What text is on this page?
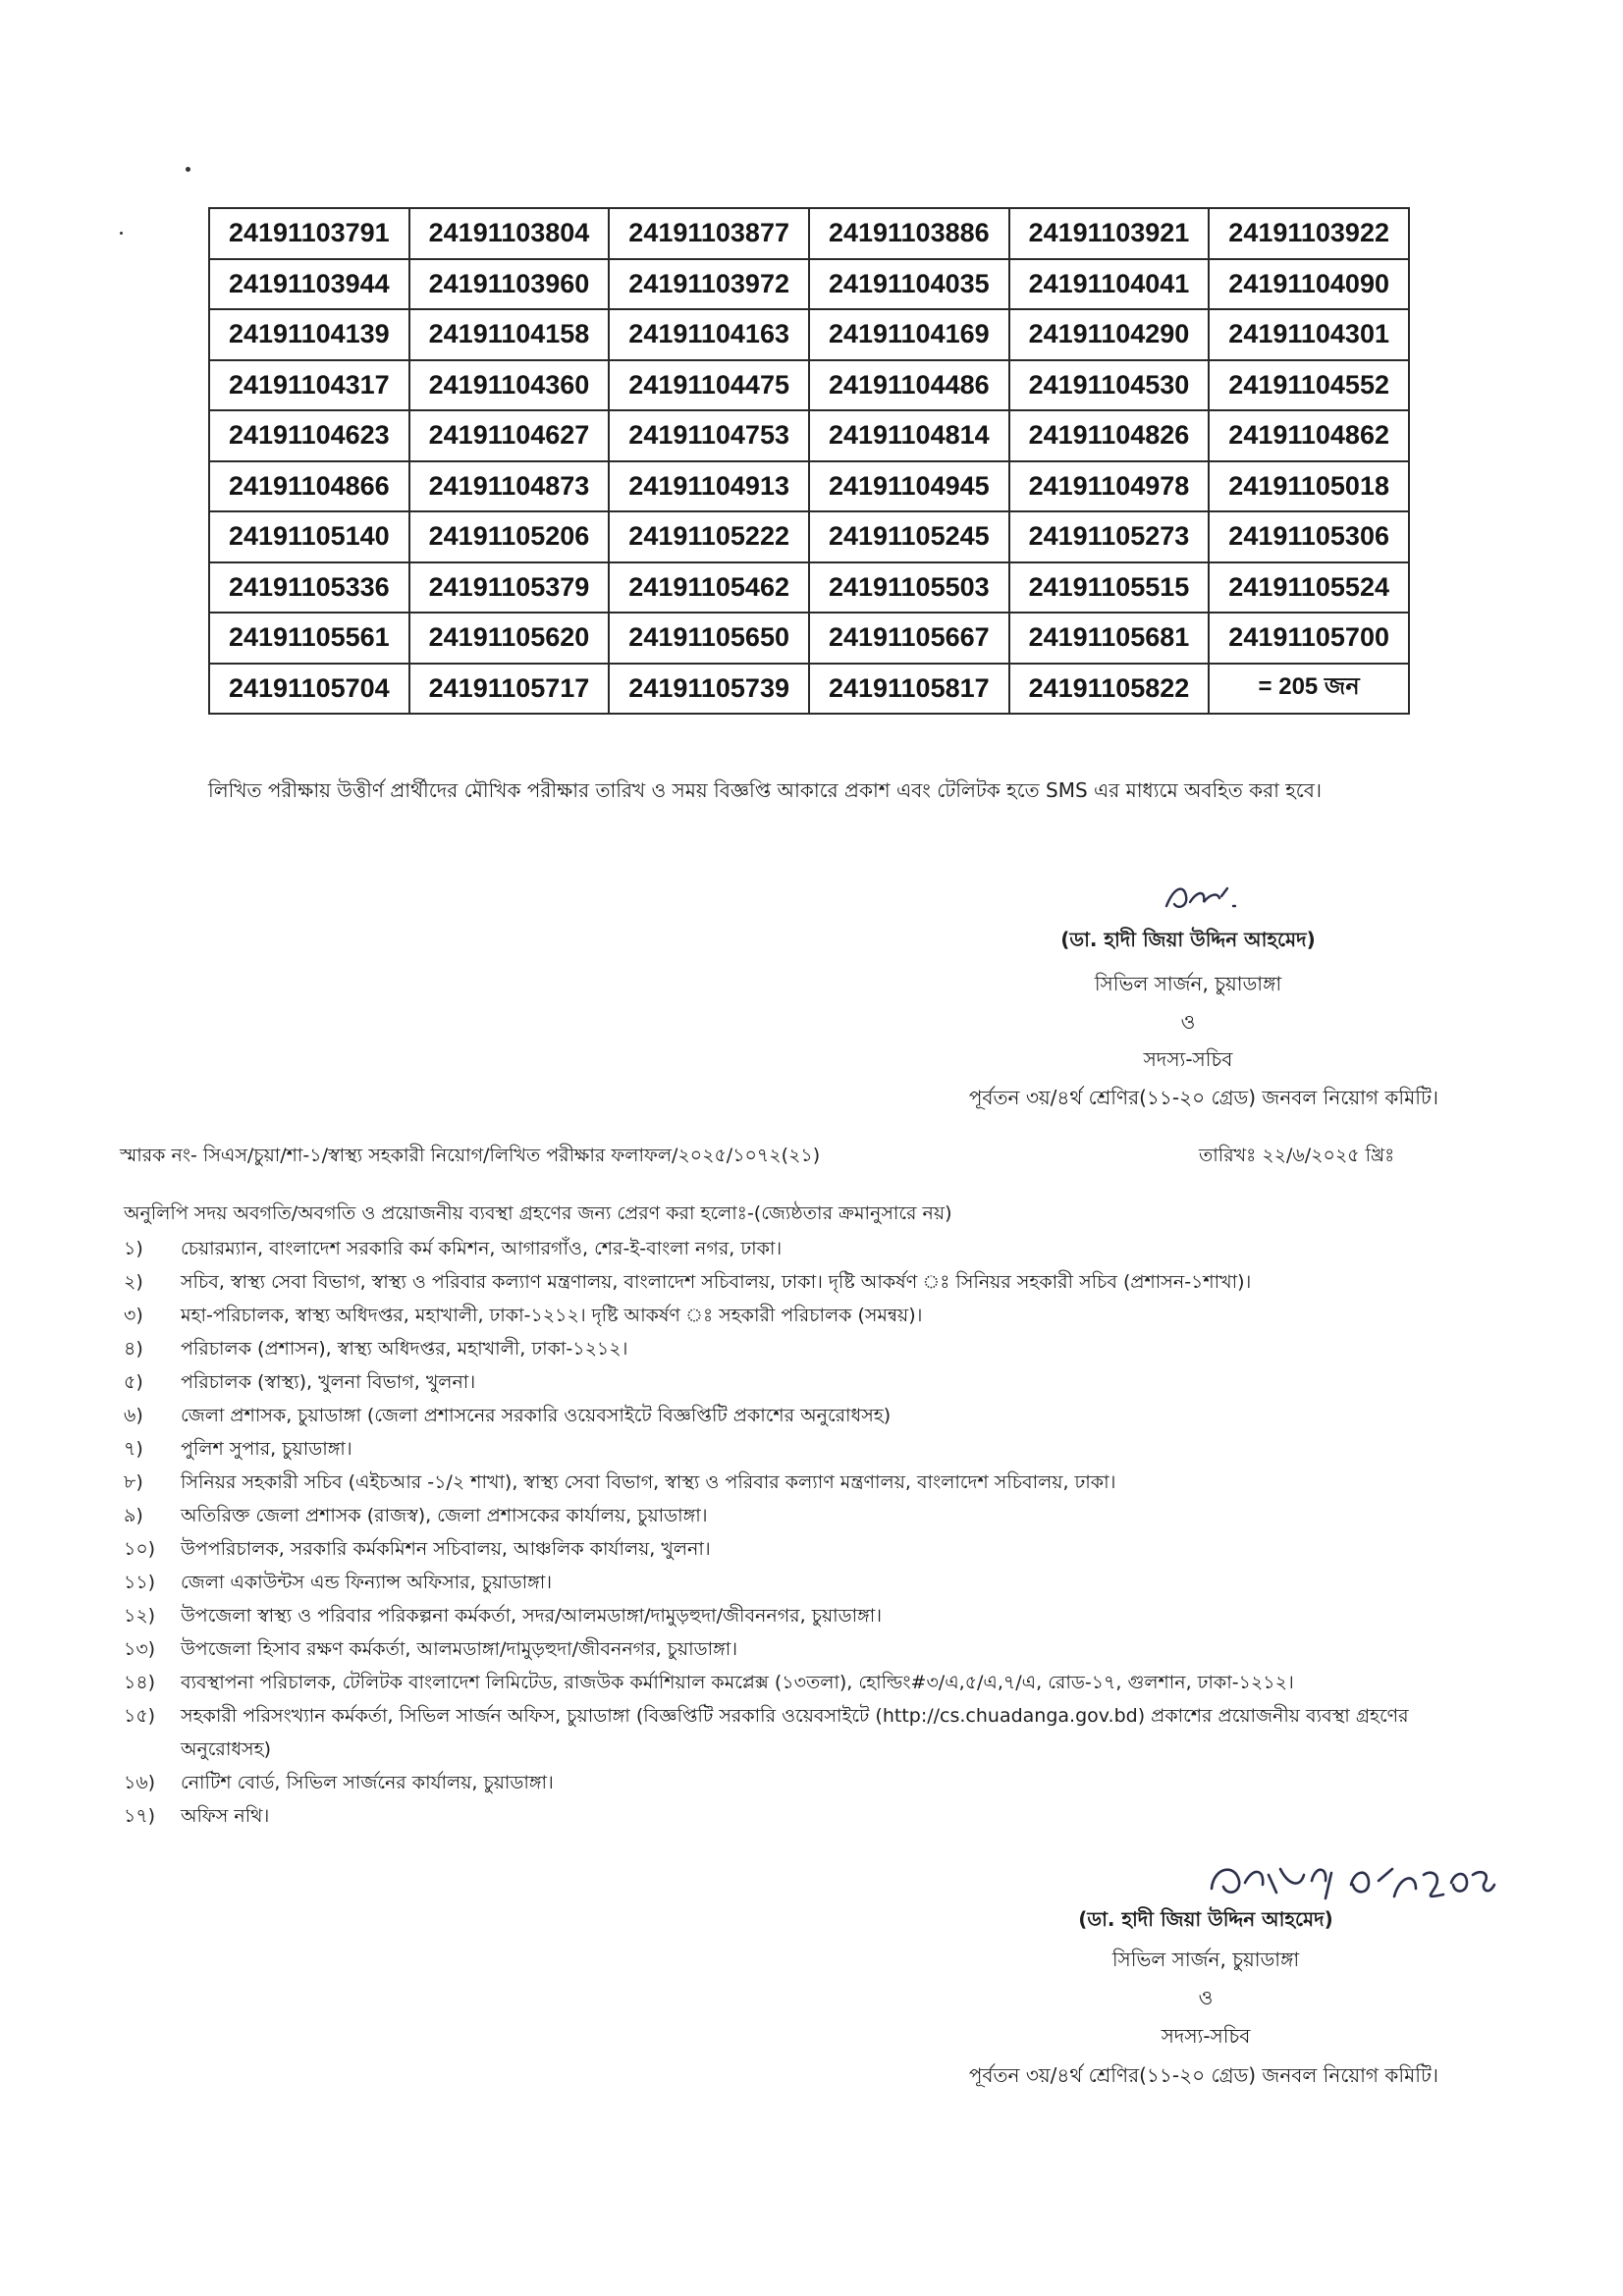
24191103791	24191103804	24191103877	24191103886	24191103921	24191103922
24191103944	24191103960	24191103972	24191104035	24191104041	24191104090
24191104139	24191104158	24191104163	24191104169	24191104290	24191104301
24191104317	24191104360	24191104475	24191104486	24191104530	24191104552
24191104623	24191104627	24191104753	24191104814	24191104826	24191104862
24191104866	24191104873	24191104913	24191104945	24191104978	24191105018
24191105140	24191105206	24191105222	24191105245	24191105273	24191105306
24191105336	24191105379	24191105462	24191105503	24191105515	24191105524
24191105561	24191105620	24191105650	24191105667	24191105681	24191105700
24191105704	24191105717	24191105739	24191105817	24191105822	= 205 জন
লিখিত পরীক্ষায় উত্তীর্ণ প্রার্থীদের মৌখিক পরীক্ষার তারিখ ও সময় বিজ্ঞপ্তি আকারে প্রকাশ এবং টেলিটক হতে SMS এর মাধ্যমে অবহিত করা হবে।
(ডা. হাদী জিয়া উদ্দিন আহমেদ)
সিভিল সার্জন, চুয়াডাঙ্গা
ও
সদস্য-সচিব
পূর্বতন ৩য়/৪র্থ শ্রেণির(১১-২০ গ্রেড) জনবল নিয়োগ কমিটি।
স্মারক নং- সিএস/চুয়া/শা-১/স্বাস্থ্য সহকারী নিয়োগ/লিখিত পরীক্ষার ফলাফল/২০২৫/১০৭২(২১)	তারিখঃ ২২/৬/২০২৫ খ্রিঃ
অনুলিপি সদয় অবগতি/অবগতি ও প্রয়োজনীয় ব্যবস্থা গ্রহণের জন্য প্রেরণ করা হলোঃ-(জ্যেষ্ঠতার ক্রমানুসারে নয়)
১)	চেয়ারম্যান, বাংলাদেশ সরকারি কর্ম কমিশন, আগারগাঁও, শের-ই-বাংলা নগর, ঢাকা।
২)	সচিব, স্বাস্থ্য সেবা বিভাগ, স্বাস্থ্য ও পরিবার কল্যাণ মন্ত্রণালয়, বাংলাদেশ সচিবালয়, ঢাকা। দৃষ্টি আকর্ষণ ঃ সিনিয়র সহকারী সচিব (প্রশাসন-১শাখা)।
৩)	মহা-পরিচালক, স্বাস্থ্য অধিদপ্তর, মহাখালী, ঢাকা-১২১২। দৃষ্টি আকর্ষণ ঃ সহকারী পরিচালক (সমন্বয়)।
৪)	পরিচালক (প্রশাসন), স্বাস্থ্য অধিদপ্তর, মহাখালী, ঢাকা-১২১২।
৫)	পরিচালক (স্বাস্থ্য), খুলনা বিভাগ, খুলনা।
৬)	জেলা প্রশাসক, চুয়াডাঙ্গা (জেলা প্রশাসনের সরকারি ওয়েবসাইটে বিজ্ঞপ্তিটি প্রকাশের অনুরোধসহ)
৭)	পুলিশ সুপার, চুয়াডাঙ্গা।
৮)	সিনিয়র সহকারী সচিব (এইচআর -১/২ শাখা), স্বাস্থ্য সেবা বিভাগ, স্বাস্থ্য ও পরিবার কল্যাণ মন্ত্রণালয়, বাংলাদেশ সচিবালয়, ঢাকা।
৯)	অতিরিক্ত জেলা প্রশাসক (রাজস্ব), জেলা প্রশাসকের কার্যালয়, চুয়াডাঙ্গা।
১০)	উপপরিচালক, সরকারি কর্মকমিশন সচিবালয়, আঞ্চলিক কার্যালয়, খুলনা।
১১)	জেলা একাউন্টস এন্ড ফিন্যান্স অফিসার, চুয়াডাঙ্গা।
১২)	উপজেলা স্বাস্থ্য ও পরিবার পরিকল্পনা কর্মকর্তা, সদর/আলমডাঙ্গা/দামুড়হুদা/জীবননগর, চুয়াডাঙ্গা।
১৩)	উপজেলা হিসাব রক্ষণ কর্মকর্তা, আলমডাঙ্গা/দামুড়হুদা/জীবননগর, চুয়াডাঙ্গা।
১৪)	ব্যবস্থাপনা পরিচালক, টেলিটক বাংলাদেশ লিমিটেড, রাজউক কর্মাশিয়াল কমপ্লেক্স (১৩তলা), হোল্ডিং#৩/এ,৫/এ,৭/এ, রোড-১৭, গুলশান, ঢাকা-১২১২।
১৫)	সহকারী পরিসংখ্যান কর্মকর্তা, সিভিল সার্জন অফিস, চুয়াডাঙ্গা (বিজ্ঞপ্তিটি সরকারি ওয়েবসাইটে (http://cs.chuadanga.gov.bd) প্রকাশের প্রয়োজনীয় ব্যবস্থা গ্রহণের অনুরোধসহ)
১৬)	নোটিশ বোর্ড, সিভিল সার্জনের কার্যালয়, চুয়াডাঙ্গা।
১৭)	অফিস নথি।
(ডা. হাদী জিয়া উদ্দিন আহমেদ)
সিভিল সার্জন, চুয়াডাঙ্গা
ও
সদস্য-সচিব
পূর্বতন ৩য়/৪র্থ শ্রেণির(১১-২০ গ্রেড) জনবল নিয়োগ কমিটি।
